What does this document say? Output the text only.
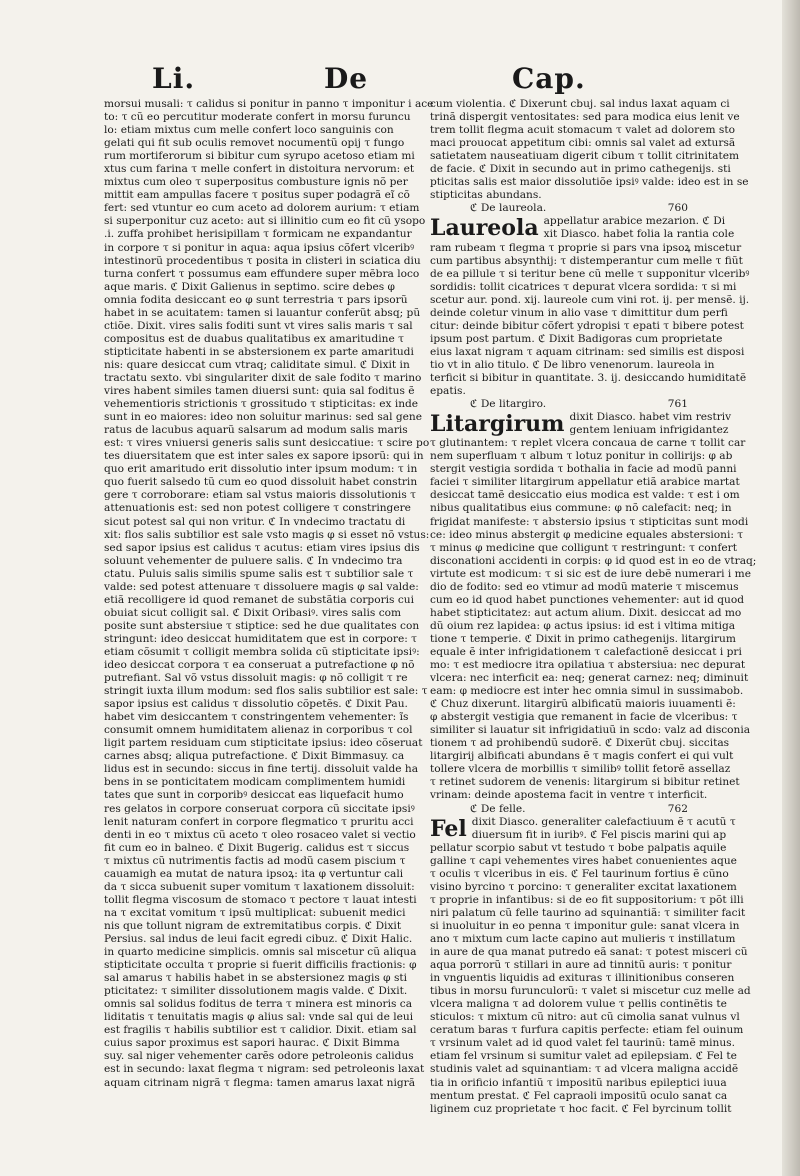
Li.	De	Cap.
morsui musali: τ calidus si ponitur in panno τ imponitur i ace
to: τ cũ eo percutitur moderate confert in morsu furuncu
lo: etiam mixtus cum melle confert loco sanguinis con
gelati qui fit sub oculis removet nocumentũ opij τ fungo
rum mortiferorum si bibitur cum syrupo acetoso etiam mi
xtus cum farina τ melle confert in distoitura nervorum: et
mixtus cum oleo τ superpositus combusture ignis nõ per
mittit eam ampullas facere τ positus super podagrã eĩ cõ
fert: sed vtuntur eo cum aceto ad dolorem aurium: τ etiam
si superponitur cuz aceto: aut si illinitio cum eo fit cũ ysopo
.i. zuffa prohibet herisipillam τ formicam ne expandantur
in corpore τ si ponitur in aqua: aqua ipsius cõfert vlceribꝰ
intestinorũ procedentibus τ posita in clisteri in sciatica diu
turna confert τ possumus eam effundere super mẽbra loco
aque maris. ℭ Dixit Galienus in septimo. scire debes φ
omnia fodita desiccant eo φ sunt terrestria τ pars ipsorũ
habet in se acuitatem: tamen si lauantur conferũt absq; pũ
ctiõe. Dixit. vires salis foditi sunt vt vires salis maris τ sal
compositus est de duabus qualitatibus ex amaritudine τ
stipticitate habenti in se abstersionem ex parte amaritudi
nis: quare desiccat cum vtraq; caliditate simul. ℭ Dixit in
tractatu sexto. vbi singulariter dixit de sale fodito τ marino
vires habent similes tamen diuersi sunt: quia sal foditus ẽ
vehementioris strictionis τ grossitudo τ stipticitas: ex inde
sunt in eo maiores: ideo non soluitur marinus: sed sal gene
ratus de lacubus aquarũ salsarum ad modum salis maris
est: τ vires vniuersi generis salis sunt desiccatiue: τ scire po
tes diuersitatem que est inter sales ex sapore ipsorũ: qui in
quo erit amaritudo erit dissolutio inter ipsum modum: τ in
quo fuerit salsedo tũ cum eo quod dissoluit habet constrin
gere τ corroborare: etiam sal vstus maioris dissolutionis τ
attenuationis est: sed non potest colligere τ constringere
sicut potest sal qui non vritur. ℭ In vndecimo tractatu di
xit: flos salis subtilior est sale vsto magis φ si esset nõ vstus:
sed sapor ipsius est calidus τ acutus: etiam vires ipsius dis
soluunt vehementer de puluere salis. ℭ In vndecimo tra
ctatu. Puluis salis similis spume salis est τ subtilior sale τ
valde: sed potest attenuare τ dissoluere magis φ sal valde:
etiã recolligere id quod remanet de substãtia corporis cui
obuiat sicut colligit sal. ℭ Dixit Oribasiꝰ. vires salis com
posite sunt abstersiue τ stiptice: sed he due qualitates con
stringunt: ideo desiccat humiditatem que est in corpore: τ
etiam cõsumit τ colligit membra solida cũ stipticitate ipsiꝰ:
ideo desiccat corpora τ ea conseruat a putrefactione φ nõ
putrefiant. Sal võ vstus dissoluit magis: φ nõ colligit τ re
stringit iuxta illum modum: sed flos salis subtilior est sale: τ
sapor ipsius est calidus τ dissolutio cõpetẽs. ℭ Dixit Pau.
habet vim desiccantem τ constringentem vehementer: ĩs
consumit omnem humiditatem alienaz in corporibus τ col
ligit partem residuam cum stipticitate ipsius: ideo cõseruat
carnes absq; aliqua putrefactione. ℭ Dixit Bimmasuy. ca
lidus est in secundo: siccus in fine tertij. dissoluit valde ha
bens in se ponticitatem modicam complimentem humidi
tates que sunt in corporibꝰ desiccat eas liquefacit humo
res gelatos in corpore conseruat corpora cũ siccitate ipsiꝰ
lenit naturam confert in corpore flegmatico τ pruritu acci
denti in eo τ mixtus cũ aceto τ oleo rosaceo valet si vectio
fit cum eo in balneo. ℭ Dixit Bugerig. calidus est τ siccus
τ mixtus cũ nutrimentis factis ad modũ casem piscium τ
cauamigh ea mutat de natura ipsoꝝ: ita φ vertuntur cali
da τ sicca subuenit super vomitum τ laxationem dissoluit:
tollit flegma viscosum de stomaco τ pectore τ lauat intesti
na τ excitat vomitum τ ipsũ multiplicat: subuenit medici
nis que tollunt nigram de extremitatibus corpis. ℭ Dixit
Persius. sal indus de leui facit egredi cibuz. ℭ Dixit Halic.
in quarto medicine simplicis. omnis sal miscetur cũ aliqua
stipticitate occulta τ proprie si fuerit difficilis fractionis: φ
sal amarus τ habilis habet in se abstersionez magis φ sti
pticitatez: τ similiter dissolutionem magis valde. ℭ Dixit.
omnis sal solidus foditus de terra τ minera est minoris ca
liditatis τ tenuitatis magis φ alius sal: vnde sal qui de leui
est fragilis τ habilis subtilior est τ calidior. Dixit. etiam sal
cuius sapor proximus est sapori haurac. ℭ Dixit Bimma
suy. sal niger vehementer carẽs odore petroleonis calidus
est in secundo: laxat flegma τ nigram: sed petroleonis laxat
aquam citrinam nigrã τ flegma: tamen amarus laxat nigrã
cum violentia. ℭ Dixerunt cbuj. sal indus laxat aquam ci
trinã dispergit ventositates: sed para modica eius lenit ve
trem tollit flegma acuit stomacum τ valet ad dolorem sto
maci prouocat appetitum cibi: omnis sal valet ad extursã
satietatem nauseatiuam digerit cibum τ tollit citrinitatem
de facie. ℭ Dixit in secundo aut in primo cathegenijs. sti
pticitas salis est maior dissolutiõe ipsiꝰ valde: ideo est in se
stipticitas abundans.
ℭ De laureola.	760
Laureola appellatur arabice mezarion. ℭ Di
xit Diasco. habet folia la rantia cole
ram rubeam τ flegma τ proprie si pars vna ipsoꝝ miscetur
cum partibus absynthij: τ distemperantur cum melle τ fiũt
de ea pillule τ si teritur bene cũ melle τ supponitur vlceribꝰ
sordidis: tollit cicatrices τ depurat vlcera sordida: τ si mi
scetur aur. pond. xij. laureole cum vini rot. ij. per mensẽ. ij.
deinde coletur vinum in alio vase τ dimittitur dum perfi
citur: deinde bibitur cõfert ydropisi τ epati τ bibere potest
ipsum post partum. ℭ Dixit Badigoras cum proprietate
eius laxat nigram τ aquam citrinam: sed similis est disposi
tio vt in alio titulo. ℭ De libro venenorum. laureola in
terficit si bibitur in quantitate. 3. ij. desiccando humiditatẽ
epatis.
ℭ De litargiro.	761
Litargirum dixit Diasco. habet vim restriv
gentem leniuam infrigidantez
τ glutinantem: τ replet vlcera concaua de carne τ tollit car
nem superfluam τ album τ lotuz ponitur in collirijs: φ ab
stergit vestigia sordida τ bothalia in facie ad modũ panni
faciei τ similiter litargirum appellatur etiã arabice martat
desiccat tamẽ desiccatio eius modica est valde: τ est i om
nibus qualitatibus eius commune: φ nõ calefacit: neq; in
frigidat manifeste: τ abstersio ipsius τ stipticitas sunt modi
ce: ideo minus abstergit φ medicine equales abstersioni: τ
τ minus φ medicine que colligunt τ restringunt: τ confert
disconationi accidenti in corpis: φ id quod est in eo de vtraq;
virtute est modicum: τ si sic est de iure debẽ numerari i me
dio de fodito: sed eo vtimur ad modũ materie τ miscemus
cum eo id quod habet punctiones vehementer: aut id quod
habet stipticitatez: aut actum alium. Dixit. desiccat ad mo
dũ oium rez lapidea: φ actus ipsius: id est i vltima mitiga
tione τ temperie. ℭ Dixit in primo cathegenijs. litargirum
equale ẽ inter infrigidationem τ calefactionẽ desiccat i pri
mo: τ est mediocre itra opilatiua τ abstersiua: nec depurat
vlcera: nec interficit ea: neq; generat carnez: neq; diminuit
eam: φ mediocre est inter hec omnia simul in sussimabob.
ℭ Chuz dixerunt. litargirũ albificatũ maioris iuuamenti ẽ:
φ abstergit vestigia que remanent in facie de vlceribus: τ
similiter si lauatur sit infrigidatiuũ in scdo: valz ad disconia
tionem τ ad prohibendũ sudorẽ. ℭ Dixerũt cbuj. siccitas
litargirij albificati abundans ẽ τ magis confert ei qui vult
tollere vlcera de morbillis τ similibꝰ tollit fetorẽ assellaz
τ retinet sudorem de venenis: litargirum si bibitur retinet
vrinam: deinde apostema facit in ventre τ interficit.
ℭ De felle.	762
Fel dixit Diasco. generaliter calefactiuum ẽ τ acutũ τ
diuersum fit in iuribꝰ. ℭ Fel piscis marini qui ap
pellatur scorpio sabut vt testudo τ bobe palpatis aquile
galline τ capi vehementes vires habet conuenientes aque
τ oculis τ vlceribus in eis. ℭ Fel taurinum fortius ẽ cũno
visino byrcino τ porcino: τ generaliter excitat laxationem
τ proprie in infantibus: si de eo fit suppositorium: τ põt illi
niri palatum cũ felle taurino ad squinantiã: τ similiter facit
si inuoluitur in eo penna τ imponitur gule: sanat vlcera in
ano τ mixtum cum lacte capino aut mulieris τ instillatum
in aure de qua manat putredo eã sanat: τ potest misceri cũ
aqua porrorũ τ stillari in aure ad tinnitũ auris: τ ponitur
in vnguentis liquidis ad exituras τ illinitionibus conseren
tibus in morsu furunculorũ: τ valet si miscetur cuz melle ad
vlcera maligna τ ad dolorem vulue τ pellis continẽtis te
sticulos: τ mixtum cũ nitro: aut cũ cimolia sanat vulnus vl
ceratum baras τ furfura capitis perfecte: etiam fel ouinum
τ vrsinum valet ad id quod valet fel taurinũ: tamẽ minus.
etiam fel vrsinum si sumitur valet ad epilepsiam. ℭ Fel te
studinis valet ad squinantiam: τ ad vlcera maligna accidẽ
tia in orificio infantiũ τ impositũ naribus epileptici iuua
mentum prestat. ℭ Fel capraoli impositũ oculo sanat ca
liginem cuz proprietate τ hoc facit. ℭ Fel byrcinum tollit
